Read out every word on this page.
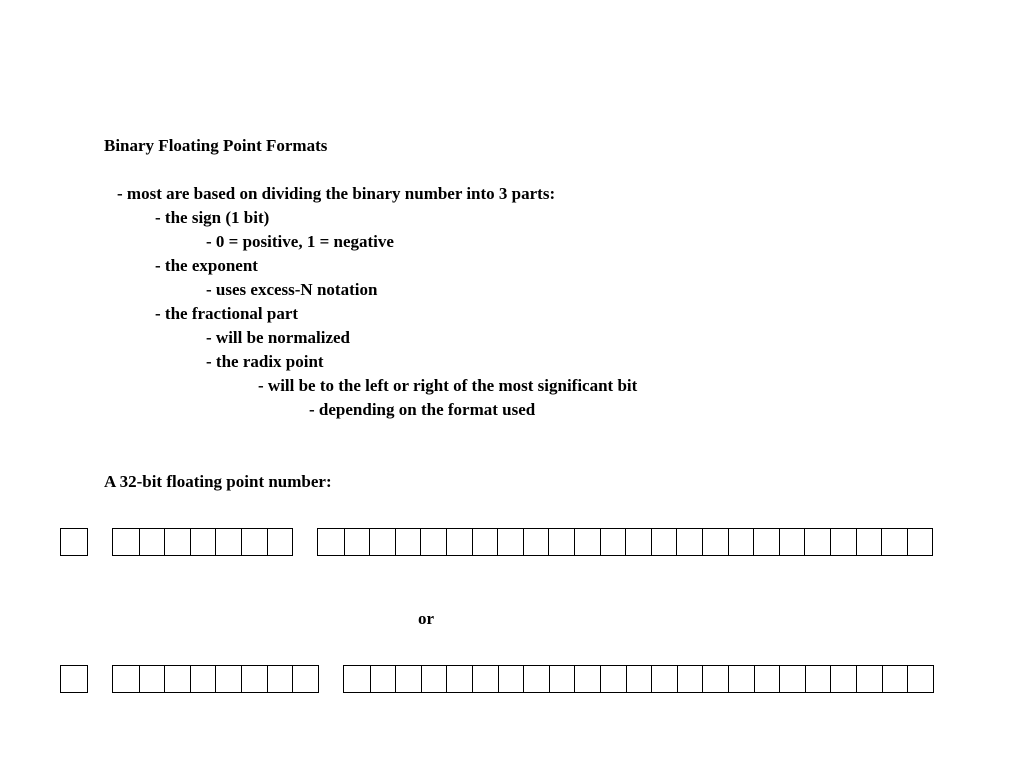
Binary Floating Point Formats
- most are based on dividing the binary number into 3 parts:
- the sign (1 bit)
- 0 = positive, 1 = negative
- the exponent
- uses excess-N notation
- the fractional part
- will be normalized
- the radix point
- will be to the left or right of the most significant bit
- depending on the format used
A 32-bit floating point number:
or
